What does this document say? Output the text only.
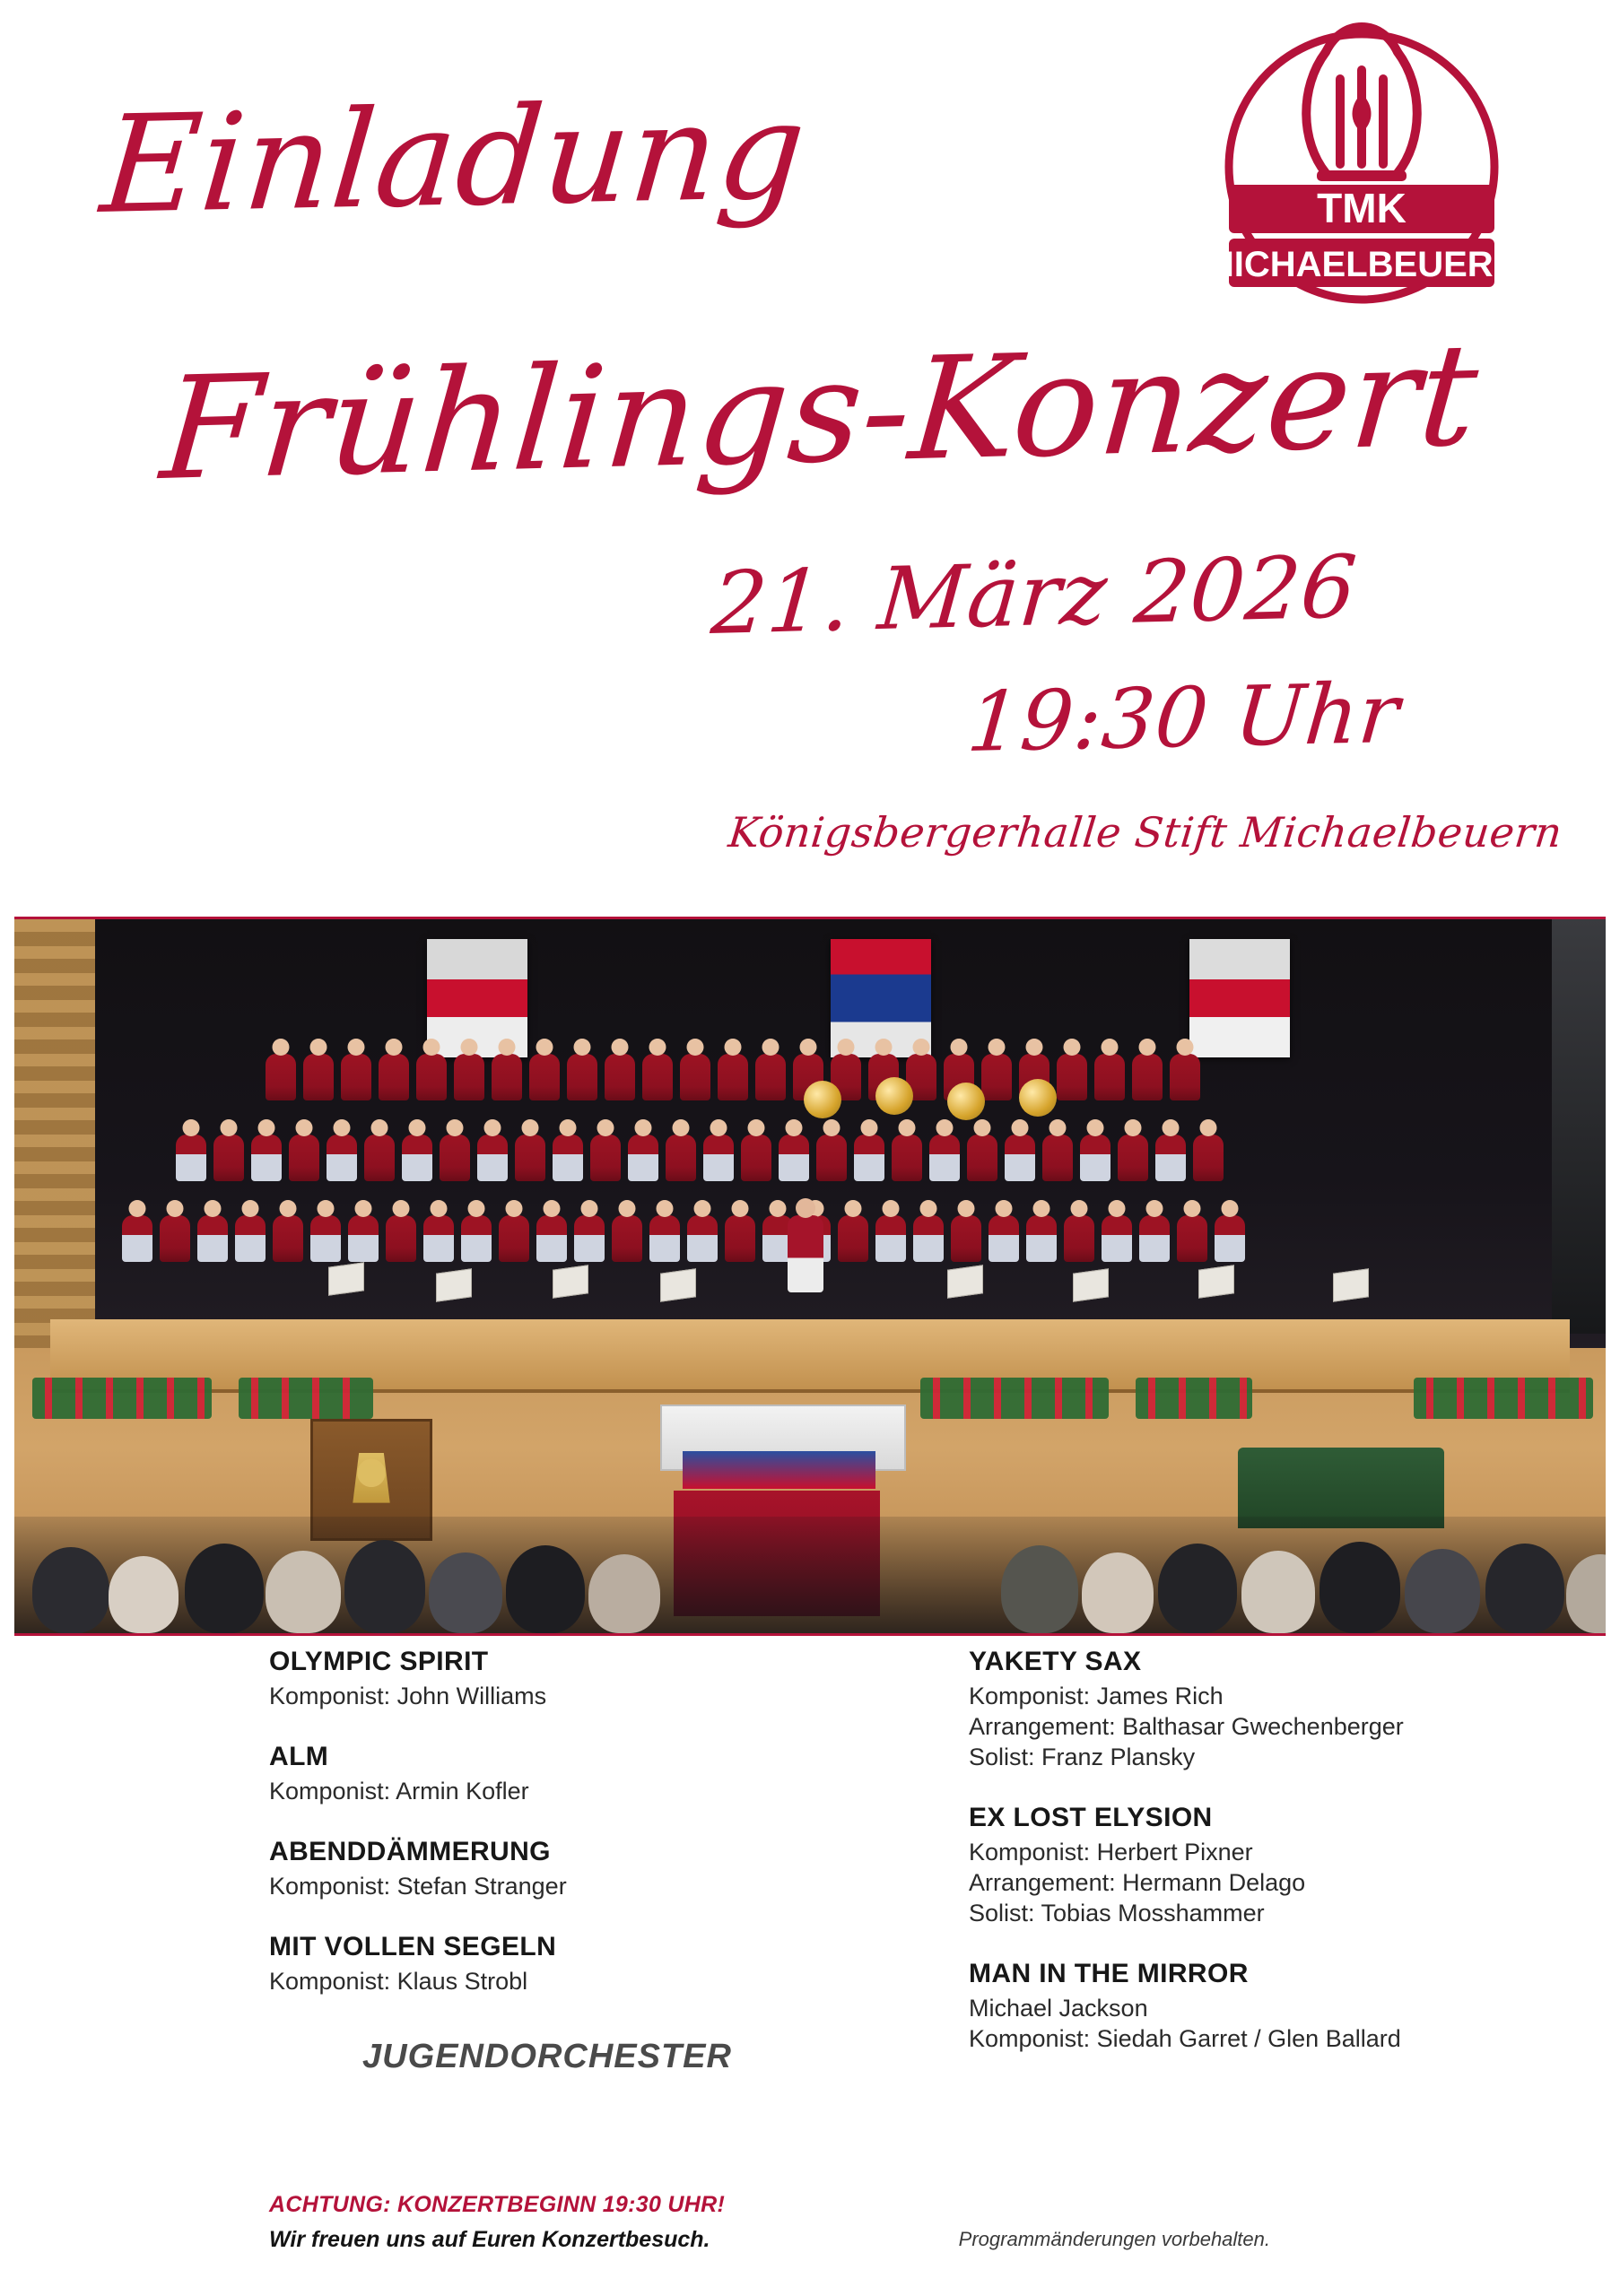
TMK
MICHAELBEUERN
Einladung
Frühlings-Konzert
21. März 2026
19:30 Uhr
Königsbergerhalle Stift Michaelbeuern
OLYMPIC SPIRIT
Komponist: John Williams
ALM
Komponist: Armin Kofler
ABENDDÄMMERUNG
Komponist: Stefan Stranger
MIT VOLLEN SEGELN
Komponist: Klaus Strobl
JUGENDORCHESTER
YAKETY SAX
Komponist: James Rich
Arrangement: Balthasar Gwechenberger
Solist: Franz Plansky
EX LOST ELYSION
Komponist: Herbert Pixner
Arrangement: Hermann Delago
Solist: Tobias Mosshammer
MAN IN THE MIRROR
Michael Jackson
Komponist: Siedah Garret / Glen Ballard
ACHTUNG: KONZERTBEGINN 19:30 UHR!
Wir freuen uns auf Euren Konzertbesuch.	Programmänderungen vorbehalten.
